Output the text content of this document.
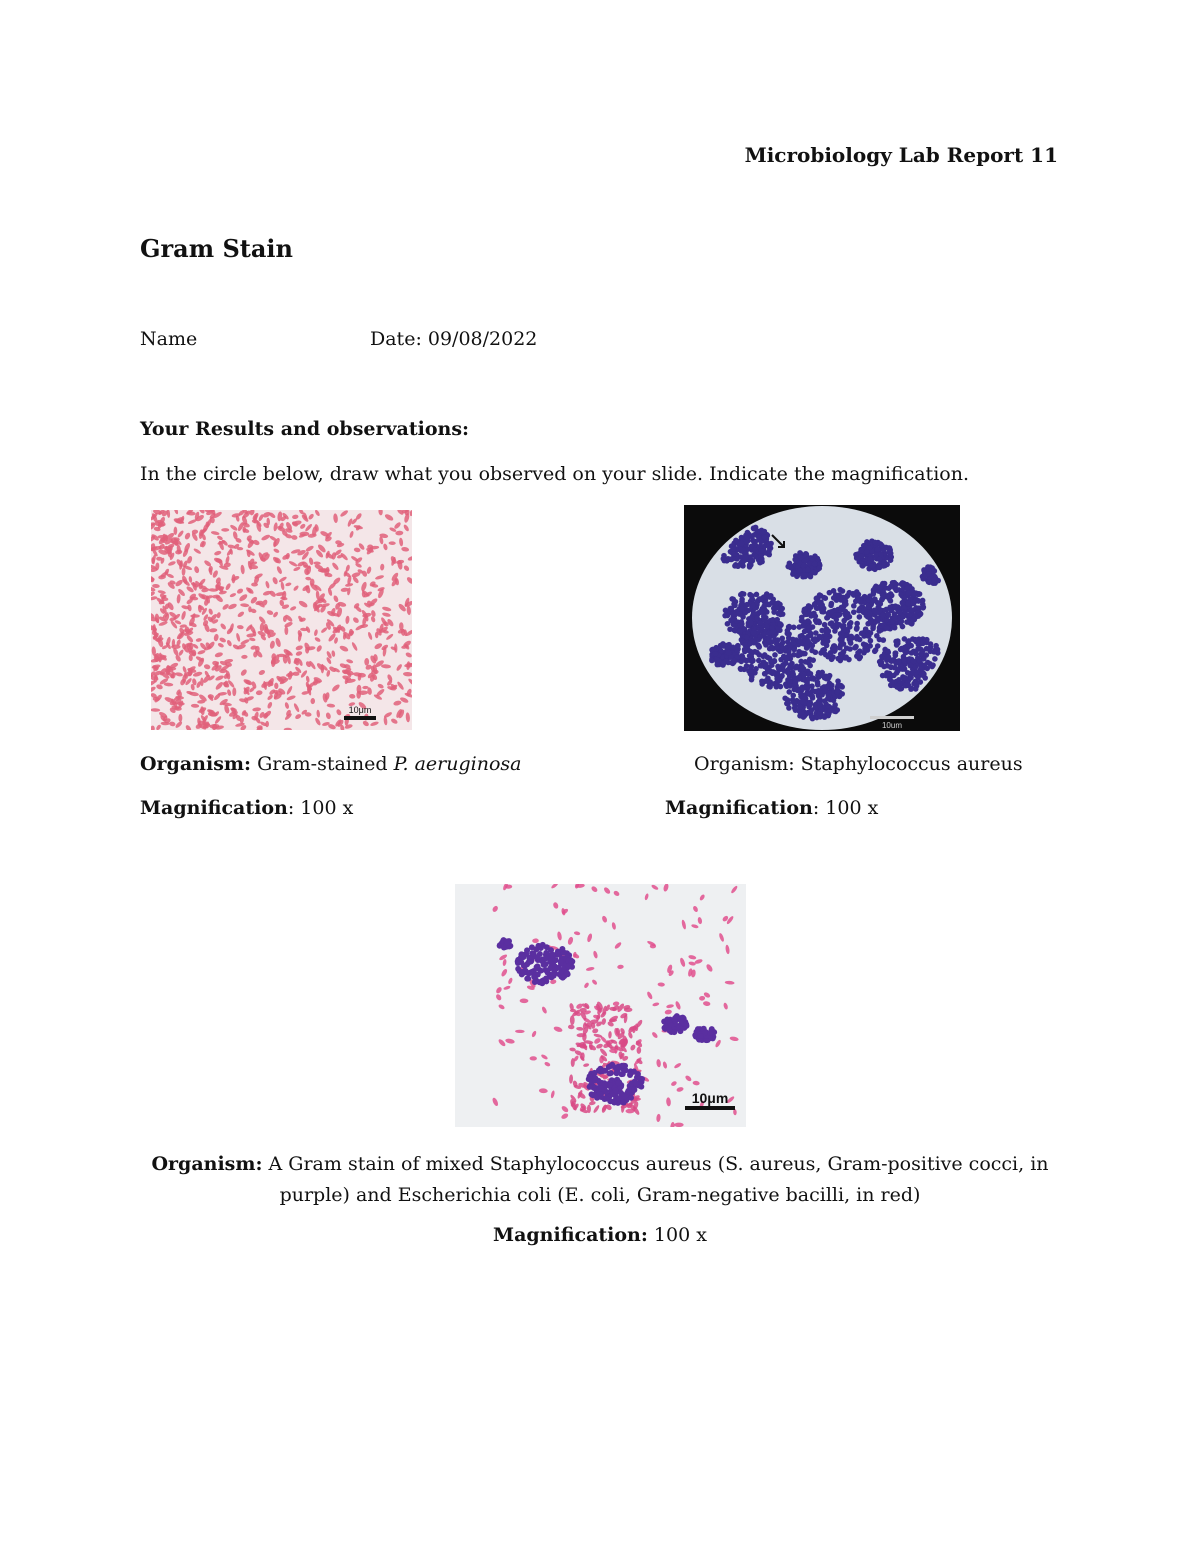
Microbiology Lab Report 11
Gram Stain
Name	Date: 09/08/2022
Your Results and observations:
In the circle below, draw what you observed on your slide. Indicate the magnification.
10μm
10um
Organism: Gram-stained P. aeruginosa	Organism: Staphylococcus aureus
Magnification: 100 x	Magnification: 100 x
10μm
Organism: A Gram stain of mixed Staphylococcus aureus (S. aureus, Gram-positive cocci, in
purple) and Escherichia coli (E. coli, Gram-negative bacilli, in red)
Magnification: 100 x
